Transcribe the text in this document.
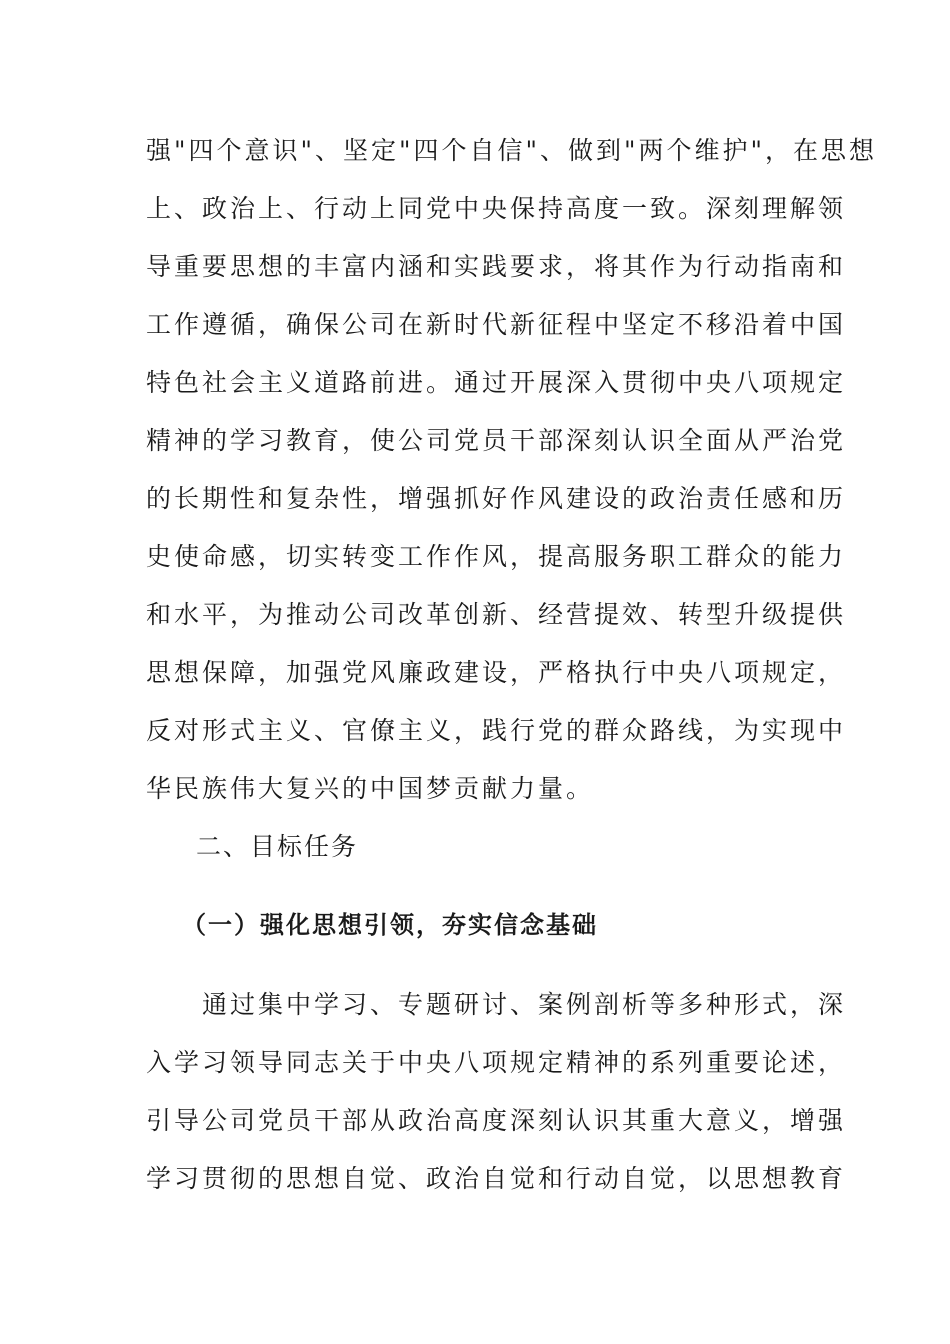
强"四个意识"、坚定"四个自信"、做到"两个维护"，在思想
上、政治上、行动上同党中央保持高度一致。深刻理解领
导重要思想的丰富内涵和实践要求，将其作为行动指南和
工作遵循，确保公司在新时代新征程中坚定不移沿着中国
特色社会主义道路前进。通过开展深入贯彻中央八项规定
精神的学习教育，使公司党员干部深刻认识全面从严治党
的长期性和复杂性，增强抓好作风建设的政治责任感和历
史使命感，切实转变工作作风，提高服务职工群众的能力
和水平，为推动公司改革创新、经营提效、转型升级提供
思想保障，加强党风廉政建设，严格执行中央八项规定，
反对形式主义、官僚主义，践行党的群众路线，为实现中
华民族伟大复兴的中国梦贡献力量。
二、目标任务
（一）强化思想引领，夯实信念基础
　　通过集中学习、专题研讨、案例剖析等多种形式，深
入学习领导同志关于中央八项规定精神的系列重要论述，
引导公司党员干部从政治高度深刻认识其重大意义，增强
学习贯彻的思想自觉、政治自觉和行动自觉，以思想教育
